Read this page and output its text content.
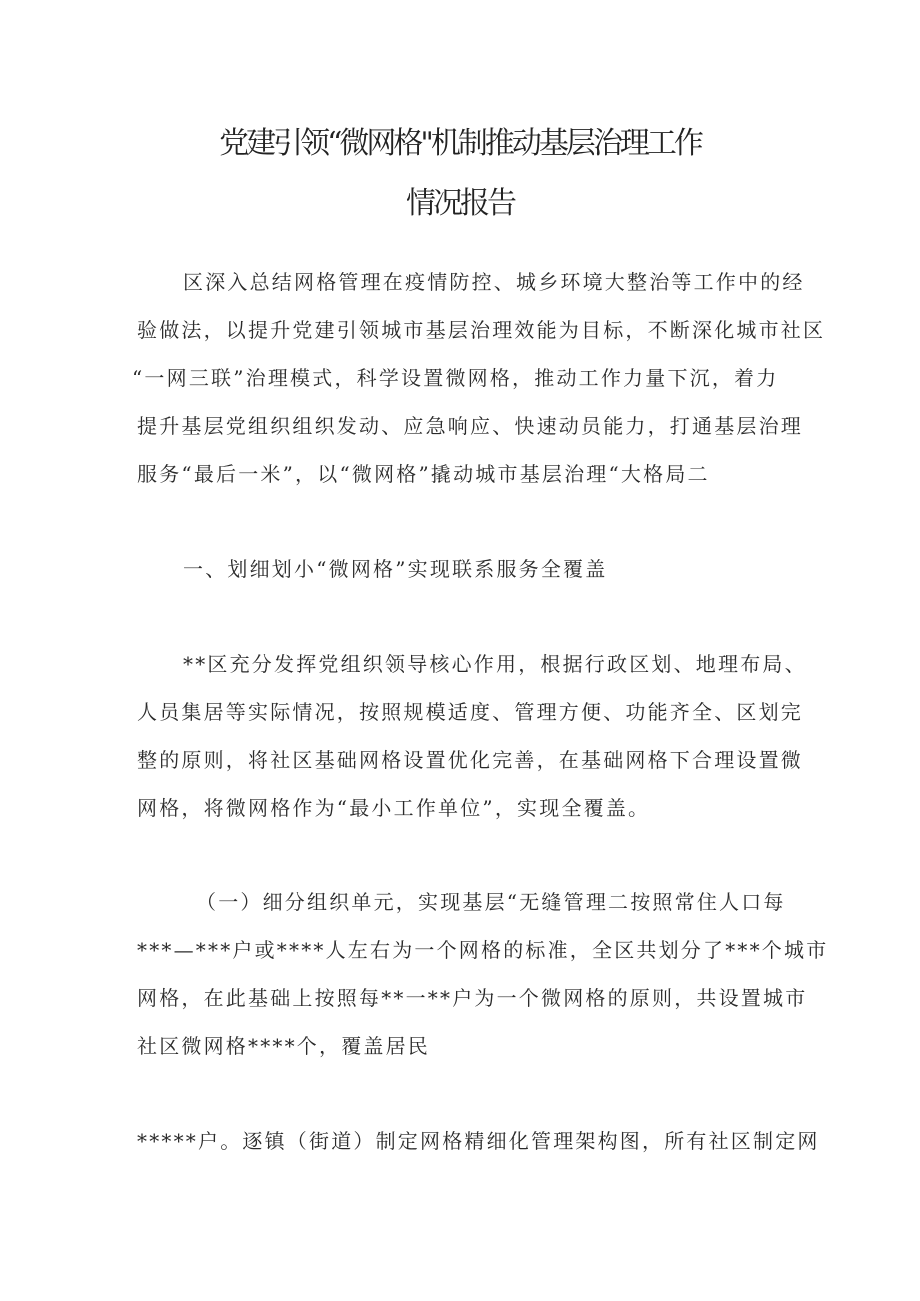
党建引领“微网格''机制推动基层治理工作
情况报告
区深入总结网格管理在疫情防控、城乡环境大整治等工作中的经
验做法，以提升党建引领城市基层治理效能为目标，不断深化城市社区
“一网三联”治理模式，科学设置微网格，推动工作力量下沉，着力
提升基层党组织组织发动、应急响应、快速动员能力，打通基层治理
服务“最后一米”，以“微网格”撬动城市基层治理“大格局二
一、划细划小“微网格”实现联系服务全覆盖
**区充分发挥党组织领导核心作用，根据行政区划、地理布局、
人员集居等实际情况，按照规模适度、管理方便、功能齐全、区划完
整的原则，将社区基础网格设置优化完善，在基础网格下合理设置微
网格，将微网格作为“最小工作单位”，实现全覆盖。
（一）细分组织单元，实现基层“无缝管理二按照常住人口每
***—***户或****人左右为一个网格的标准，全区共划分了***个城市
网格，在此基础上按照每**一**户为一个微网格的原则，共设置城市
社区微网格****个，覆盖居民
*****户。逐镇（街道）制定网格精细化管理架构图，所有社区制定网
